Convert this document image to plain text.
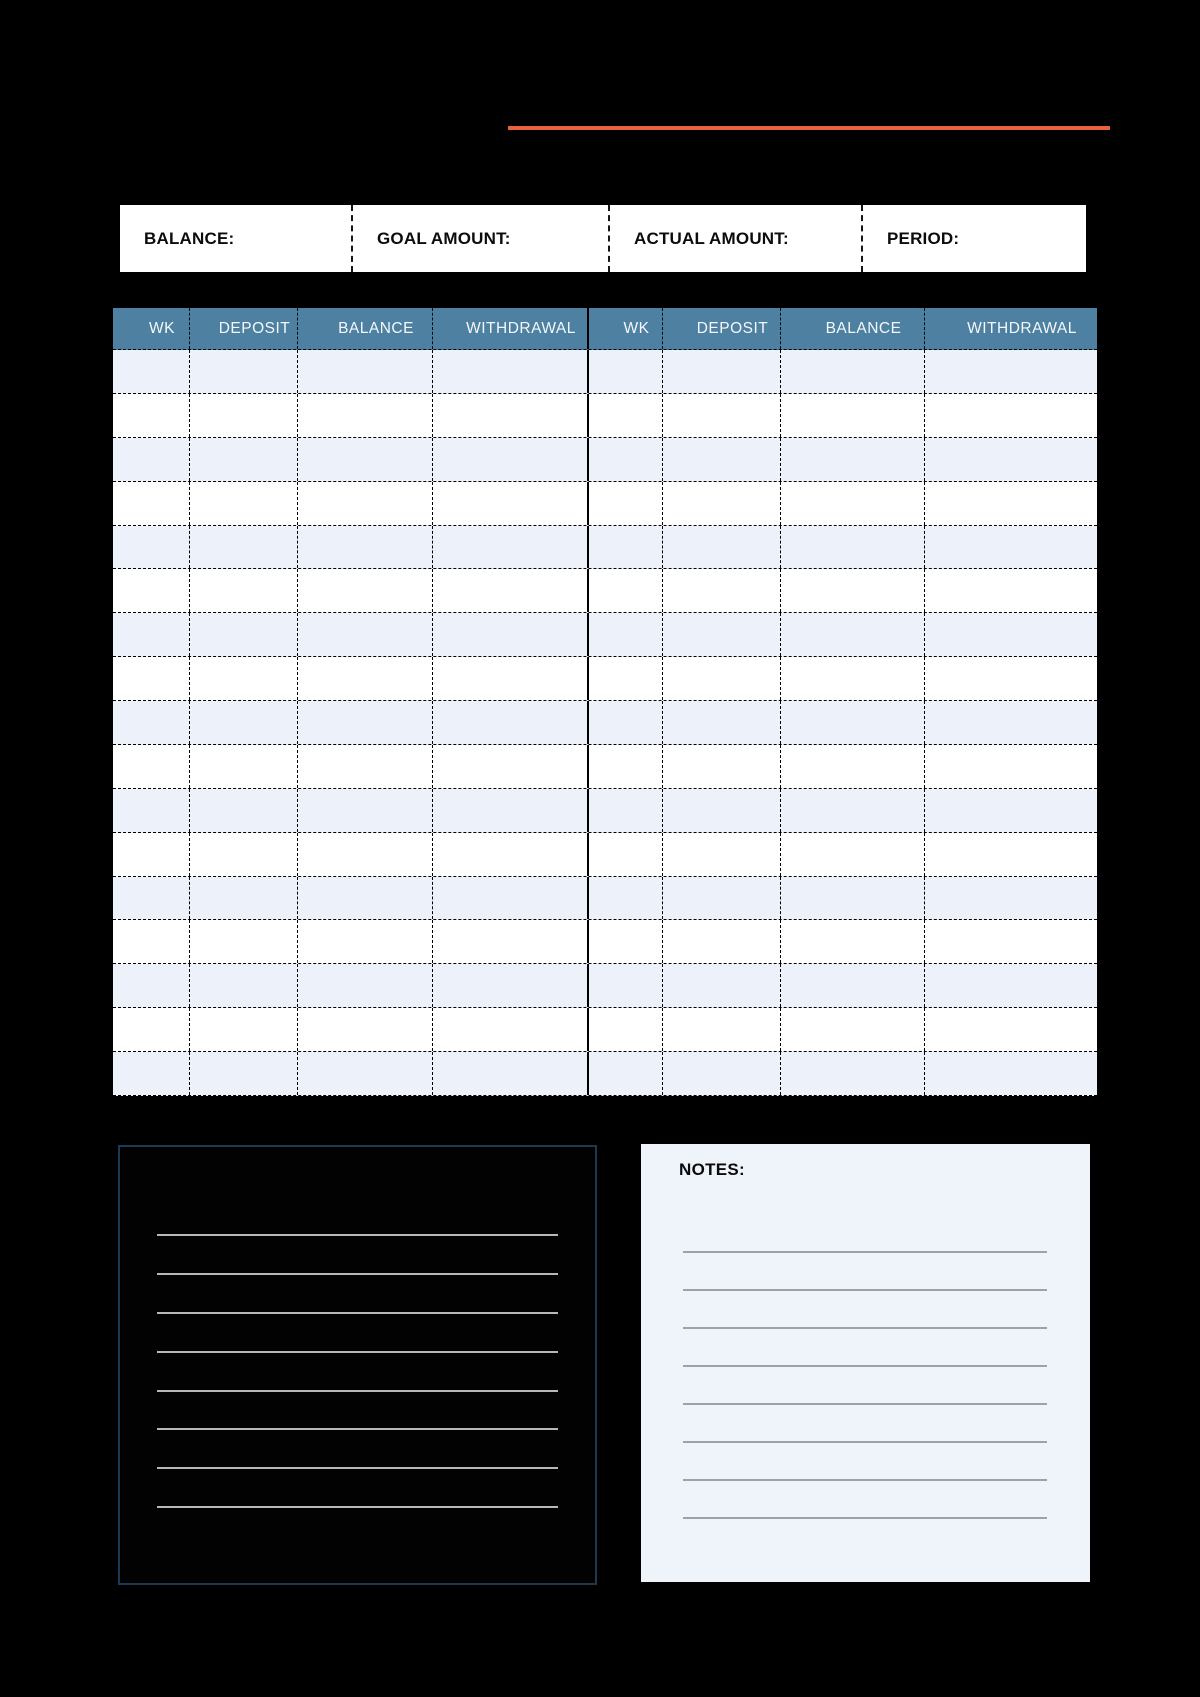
BALANCE:	GOAL AMOUNT:	ACTUAL AMOUNT:	PERIOD:
WK	DEPOSIT	BALANCE	WITHDRAWAL	WK	DEPOSIT	BALANCE	WITHDRAWAL
NOTES:
